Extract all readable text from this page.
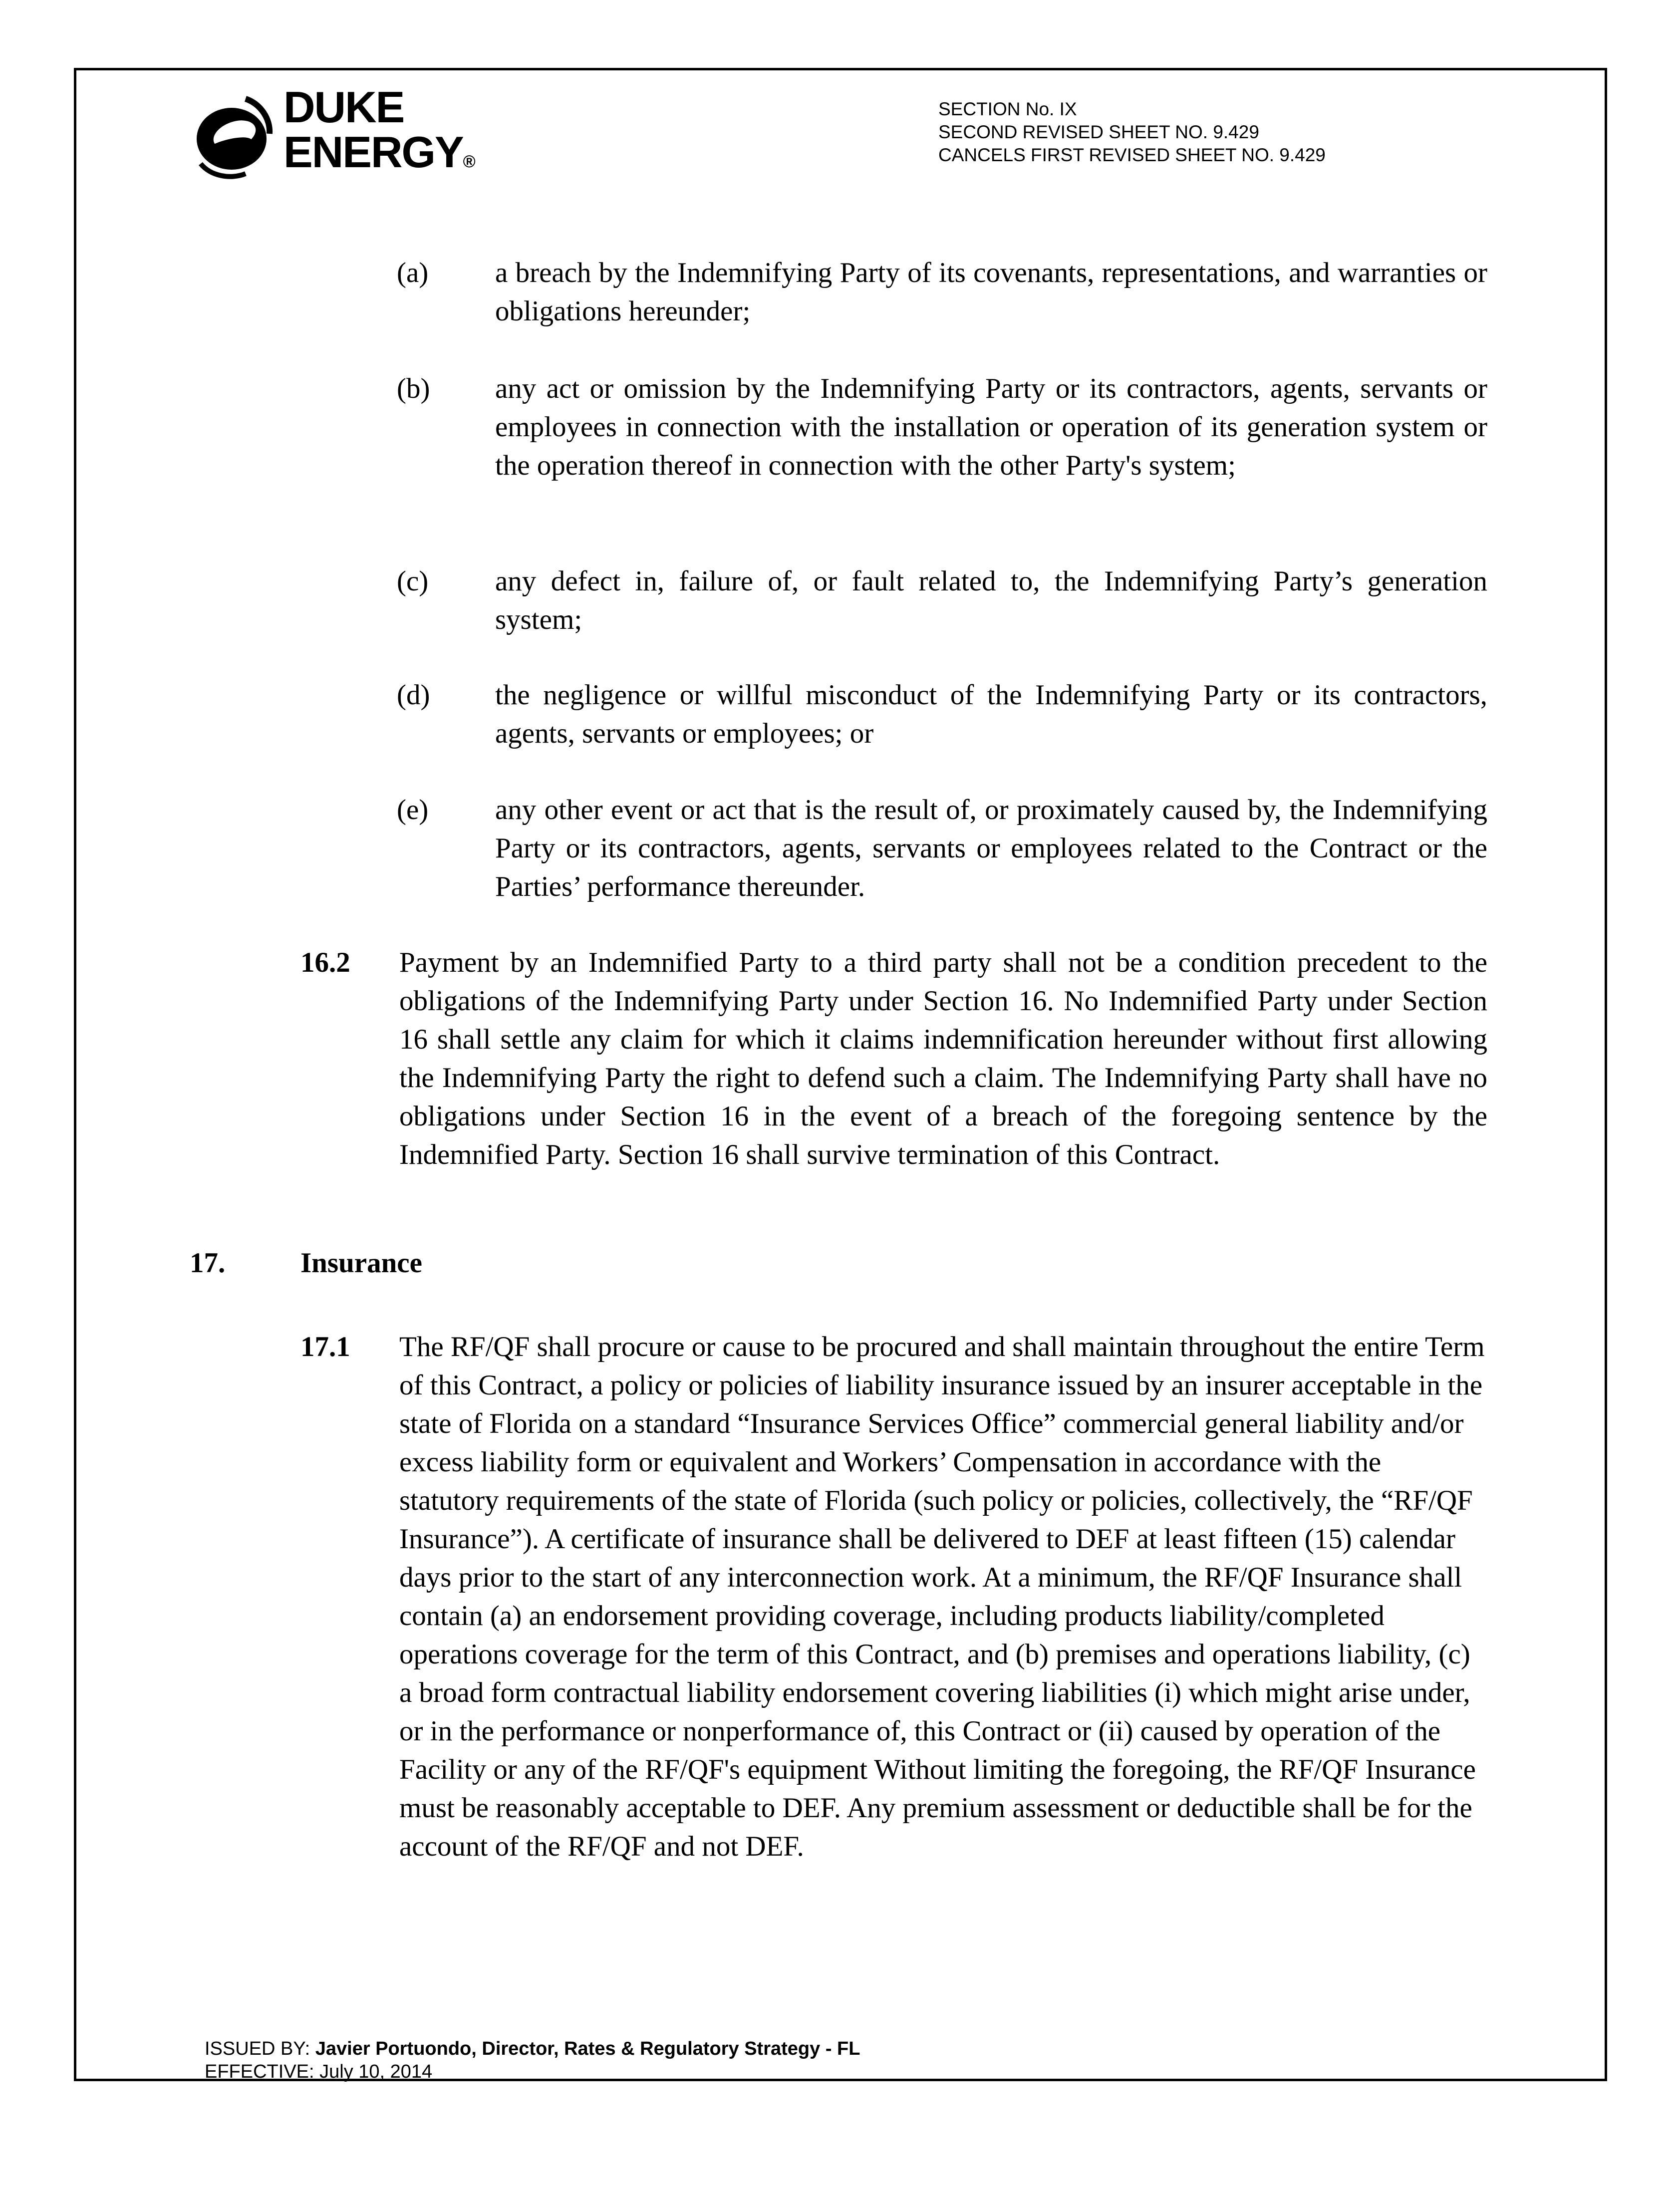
DUKE
ENERGY®
SECTION No. IX
SECOND REVISED SHEET NO. 9.429
CANCELS FIRST REVISED SHEET NO. 9.429
(a) a breach by the Indemnifying Party of its covenants, representations, and warranties or obligations hereunder;
(b) any act or omission by the Indemnifying Party or its contractors, agents, servants or employees in connection with the installation or operation of its generation system or the operation thereof in connection with the other Party's system;
(c) any defect in, failure of, or fault related to, the Indemnifying Party’s generation system;
(d) the negligence or willful misconduct of the Indemnifying Party or its contractors, agents, servants or employees; or
(e) any other event or act that is the result of, or proximately caused by, the Indemnifying Party or its contractors, agents, servants or employees related to the Contract or the Parties’ performance thereunder.
16.2 Payment by an Indemnified Party to a third party shall not be a condition precedent to the obligations of the Indemnifying Party under Section 16. No Indemnified Party under Section 16 shall settle any claim for which it claims indemnification hereunder without first allowing the Indemnifying Party the right to defend such a claim. The Indemnifying Party shall have no obligations under Section 16 in the event of a breach of the foregoing sentence by the Indemnified Party. Section 16 shall survive termination of this Contract.
17.	Insurance
17.1 The RF/QF shall procure or cause to be procured and shall maintain throughout the entire Term of this Contract, a policy or policies of liability insurance issued by an insurer acceptable in the state of Florida on a standard “Insurance Services Office” commercial general liability and/or excess liability form or equivalent and Workers’ Compensation in accordance with the statutory requirements of the state of Florida (such policy or policies, collectively, the “RF/QF Insurance”). A certificate of insurance shall be delivered to DEF at least fifteen (15) calendar days prior to the start of any interconnection work. At a minimum, the RF/QF Insurance shall contain (a) an endorsement providing coverage, including products liability/completed operations coverage for the term of this Contract, and (b) premises and operations liability, (c) a broad form contractual liability endorsement covering liabilities (i) which might arise under, or in the performance or nonperformance of, this Contract or (ii) caused by operation of the Facility or any of the RF/QF's equipment Without limiting the foregoing, the RF/QF Insurance must be reasonably acceptable to DEF. Any premium assessment or deductible shall be for the account of the RF/QF and not DEF.
ISSUED BY: Javier Portuondo, Director, Rates & Regulatory Strategy - FL
EFFECTIVE: July 10, 2014
